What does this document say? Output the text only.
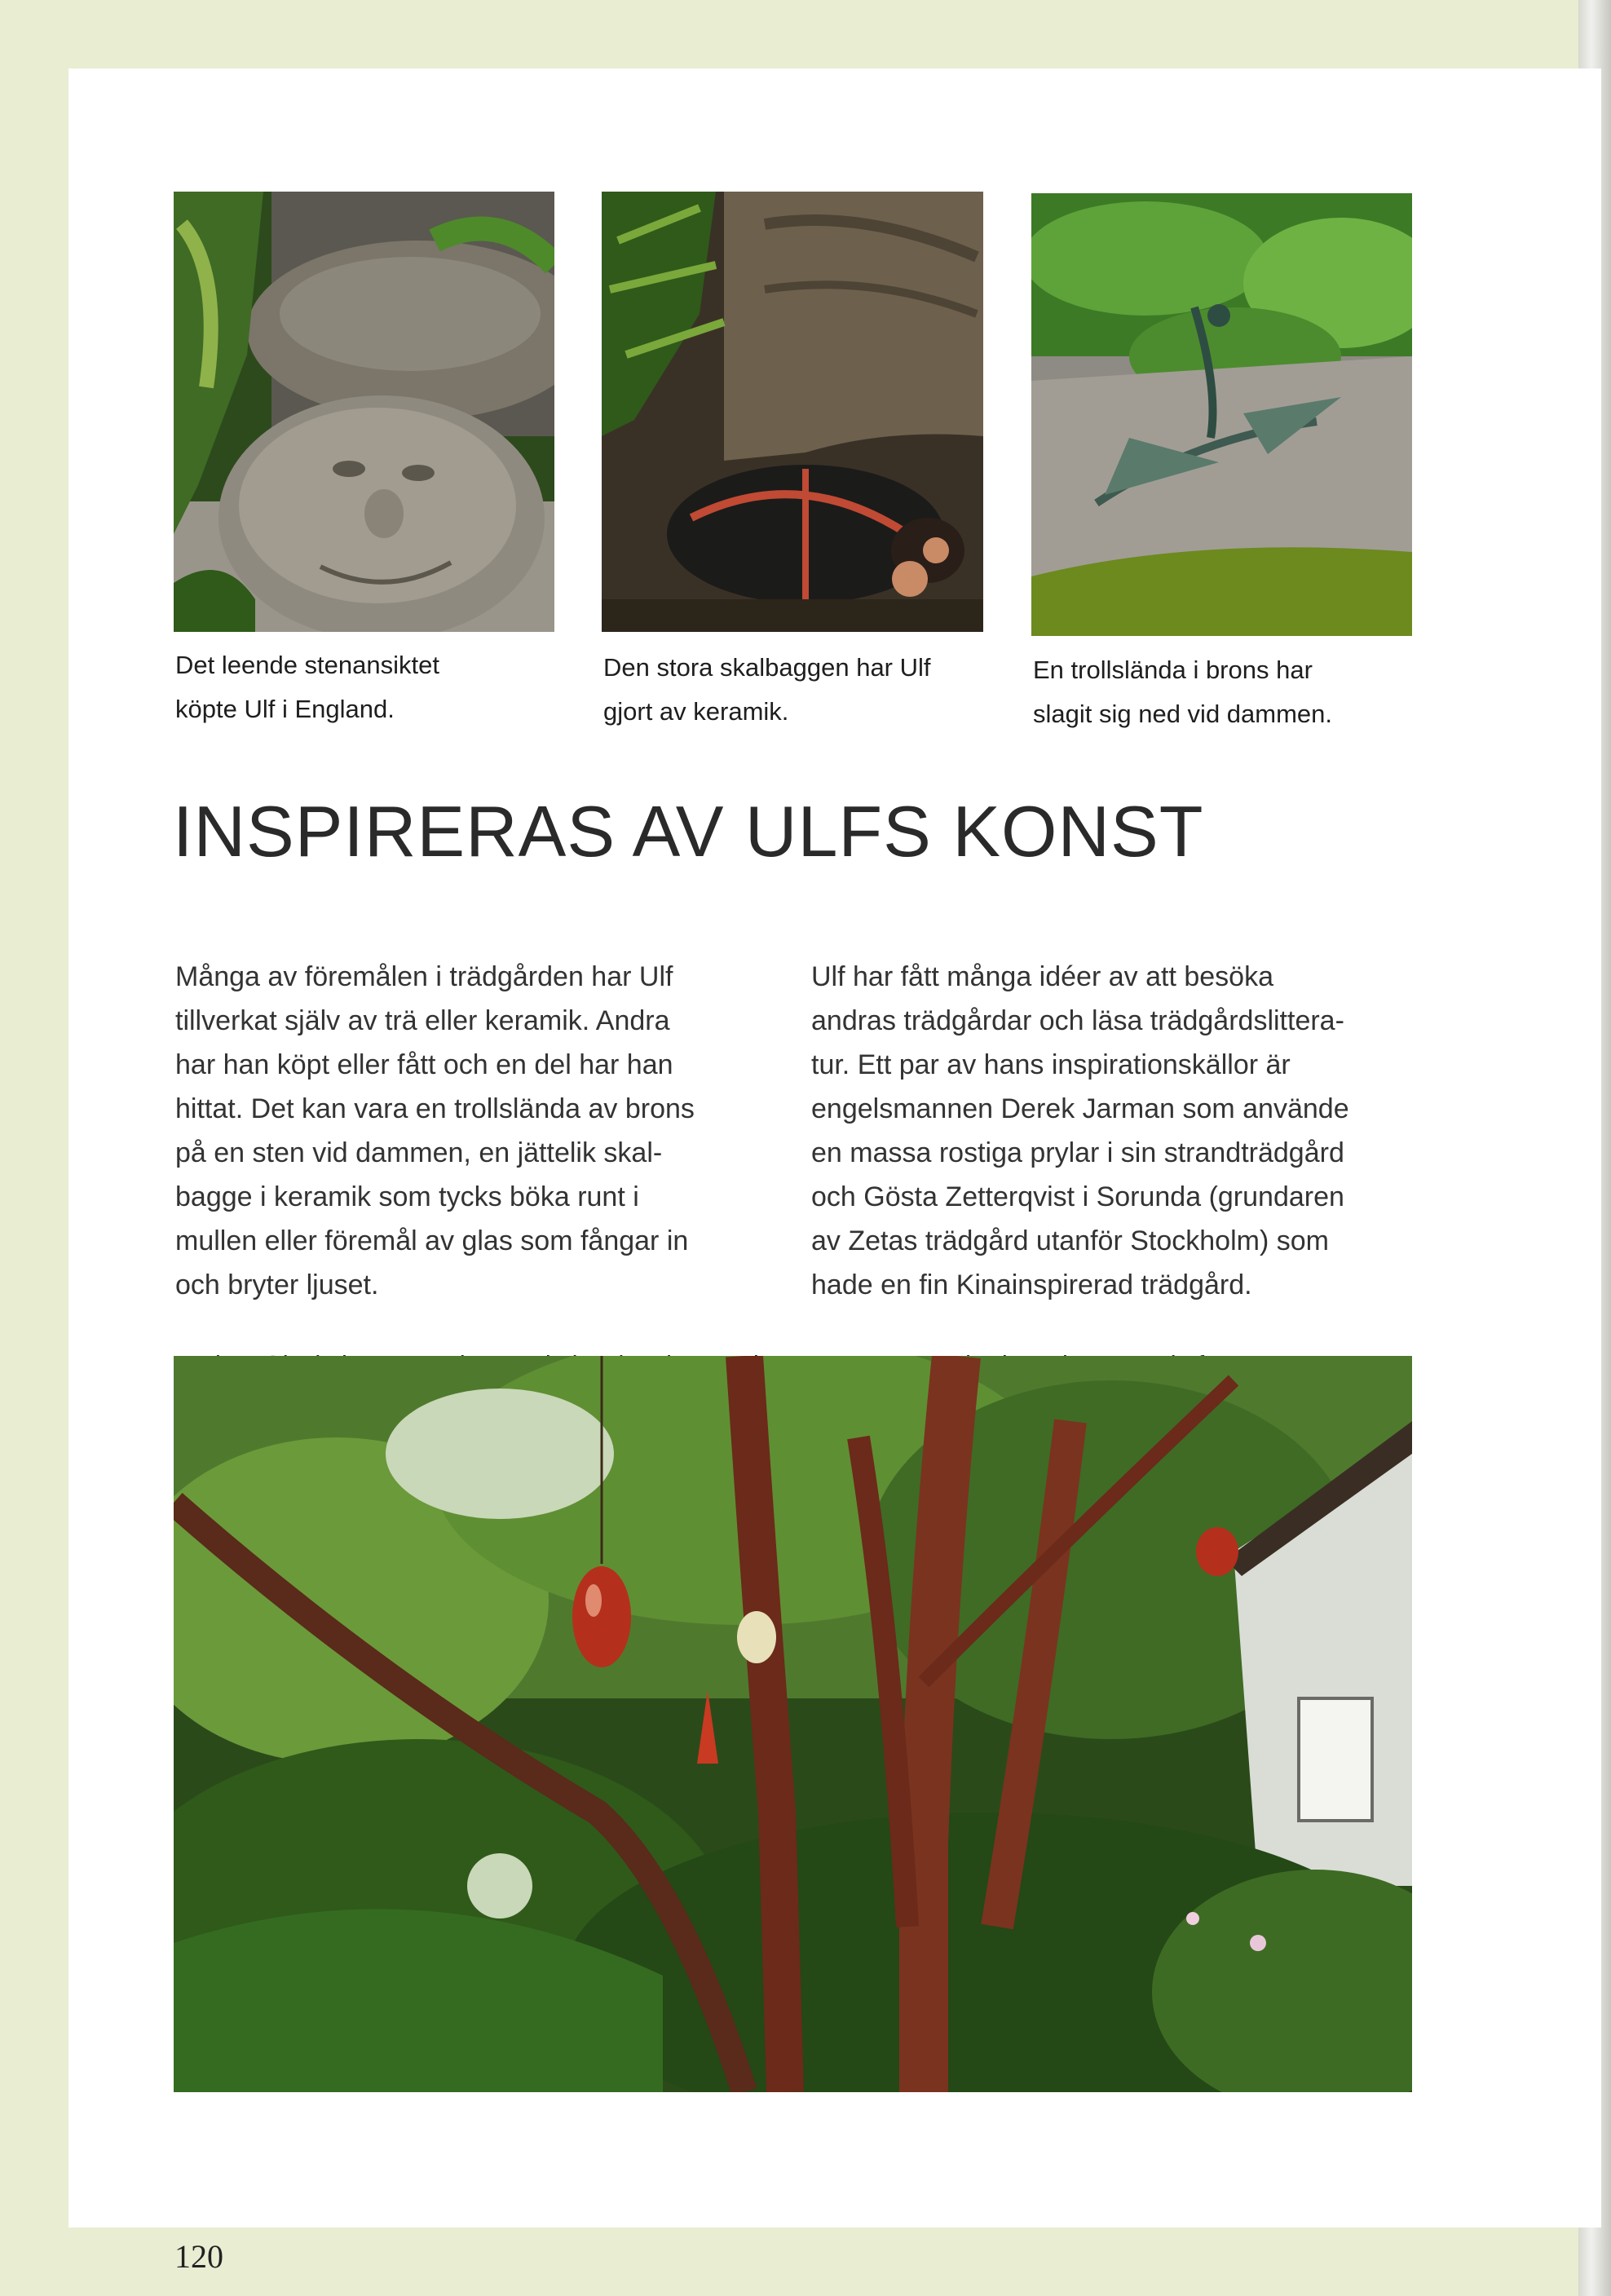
Det leende stenansiktet
köpte Ulf i England.
Den stora skalbaggen har Ulf
gjort av keramik.
En trollslända i brons har
slagit sig ned vid dammen.
INSPIRERAS AV ULFS KONST
Många av föremålen i trädgården har Ulf
tillverkat själv av trä eller keramik. Andra
har han köpt eller fått och en del har han
hittat. Det kan vara en trollslända av brons
på en sten vid dammen, en jättelik skal-
bagge i keramik som tycks böka runt i
mullen eller föremål av glas som fångar in
och bryter ljuset.
Ulf har fått många idéer av att besöka
andras trädgårdar och läsa trädgårdslittera-
tur. Ett par av hans inspirationskällor är
engelsmannen Derek Jarman som använde
en massa rostiga prylar i sin strandträdgård
och Gösta Zetterqvist i Sorunda (grundaren
av Zetas trädgård utanför Stockholm) som
hade en fin Kinainspirerad trädgård.
120
